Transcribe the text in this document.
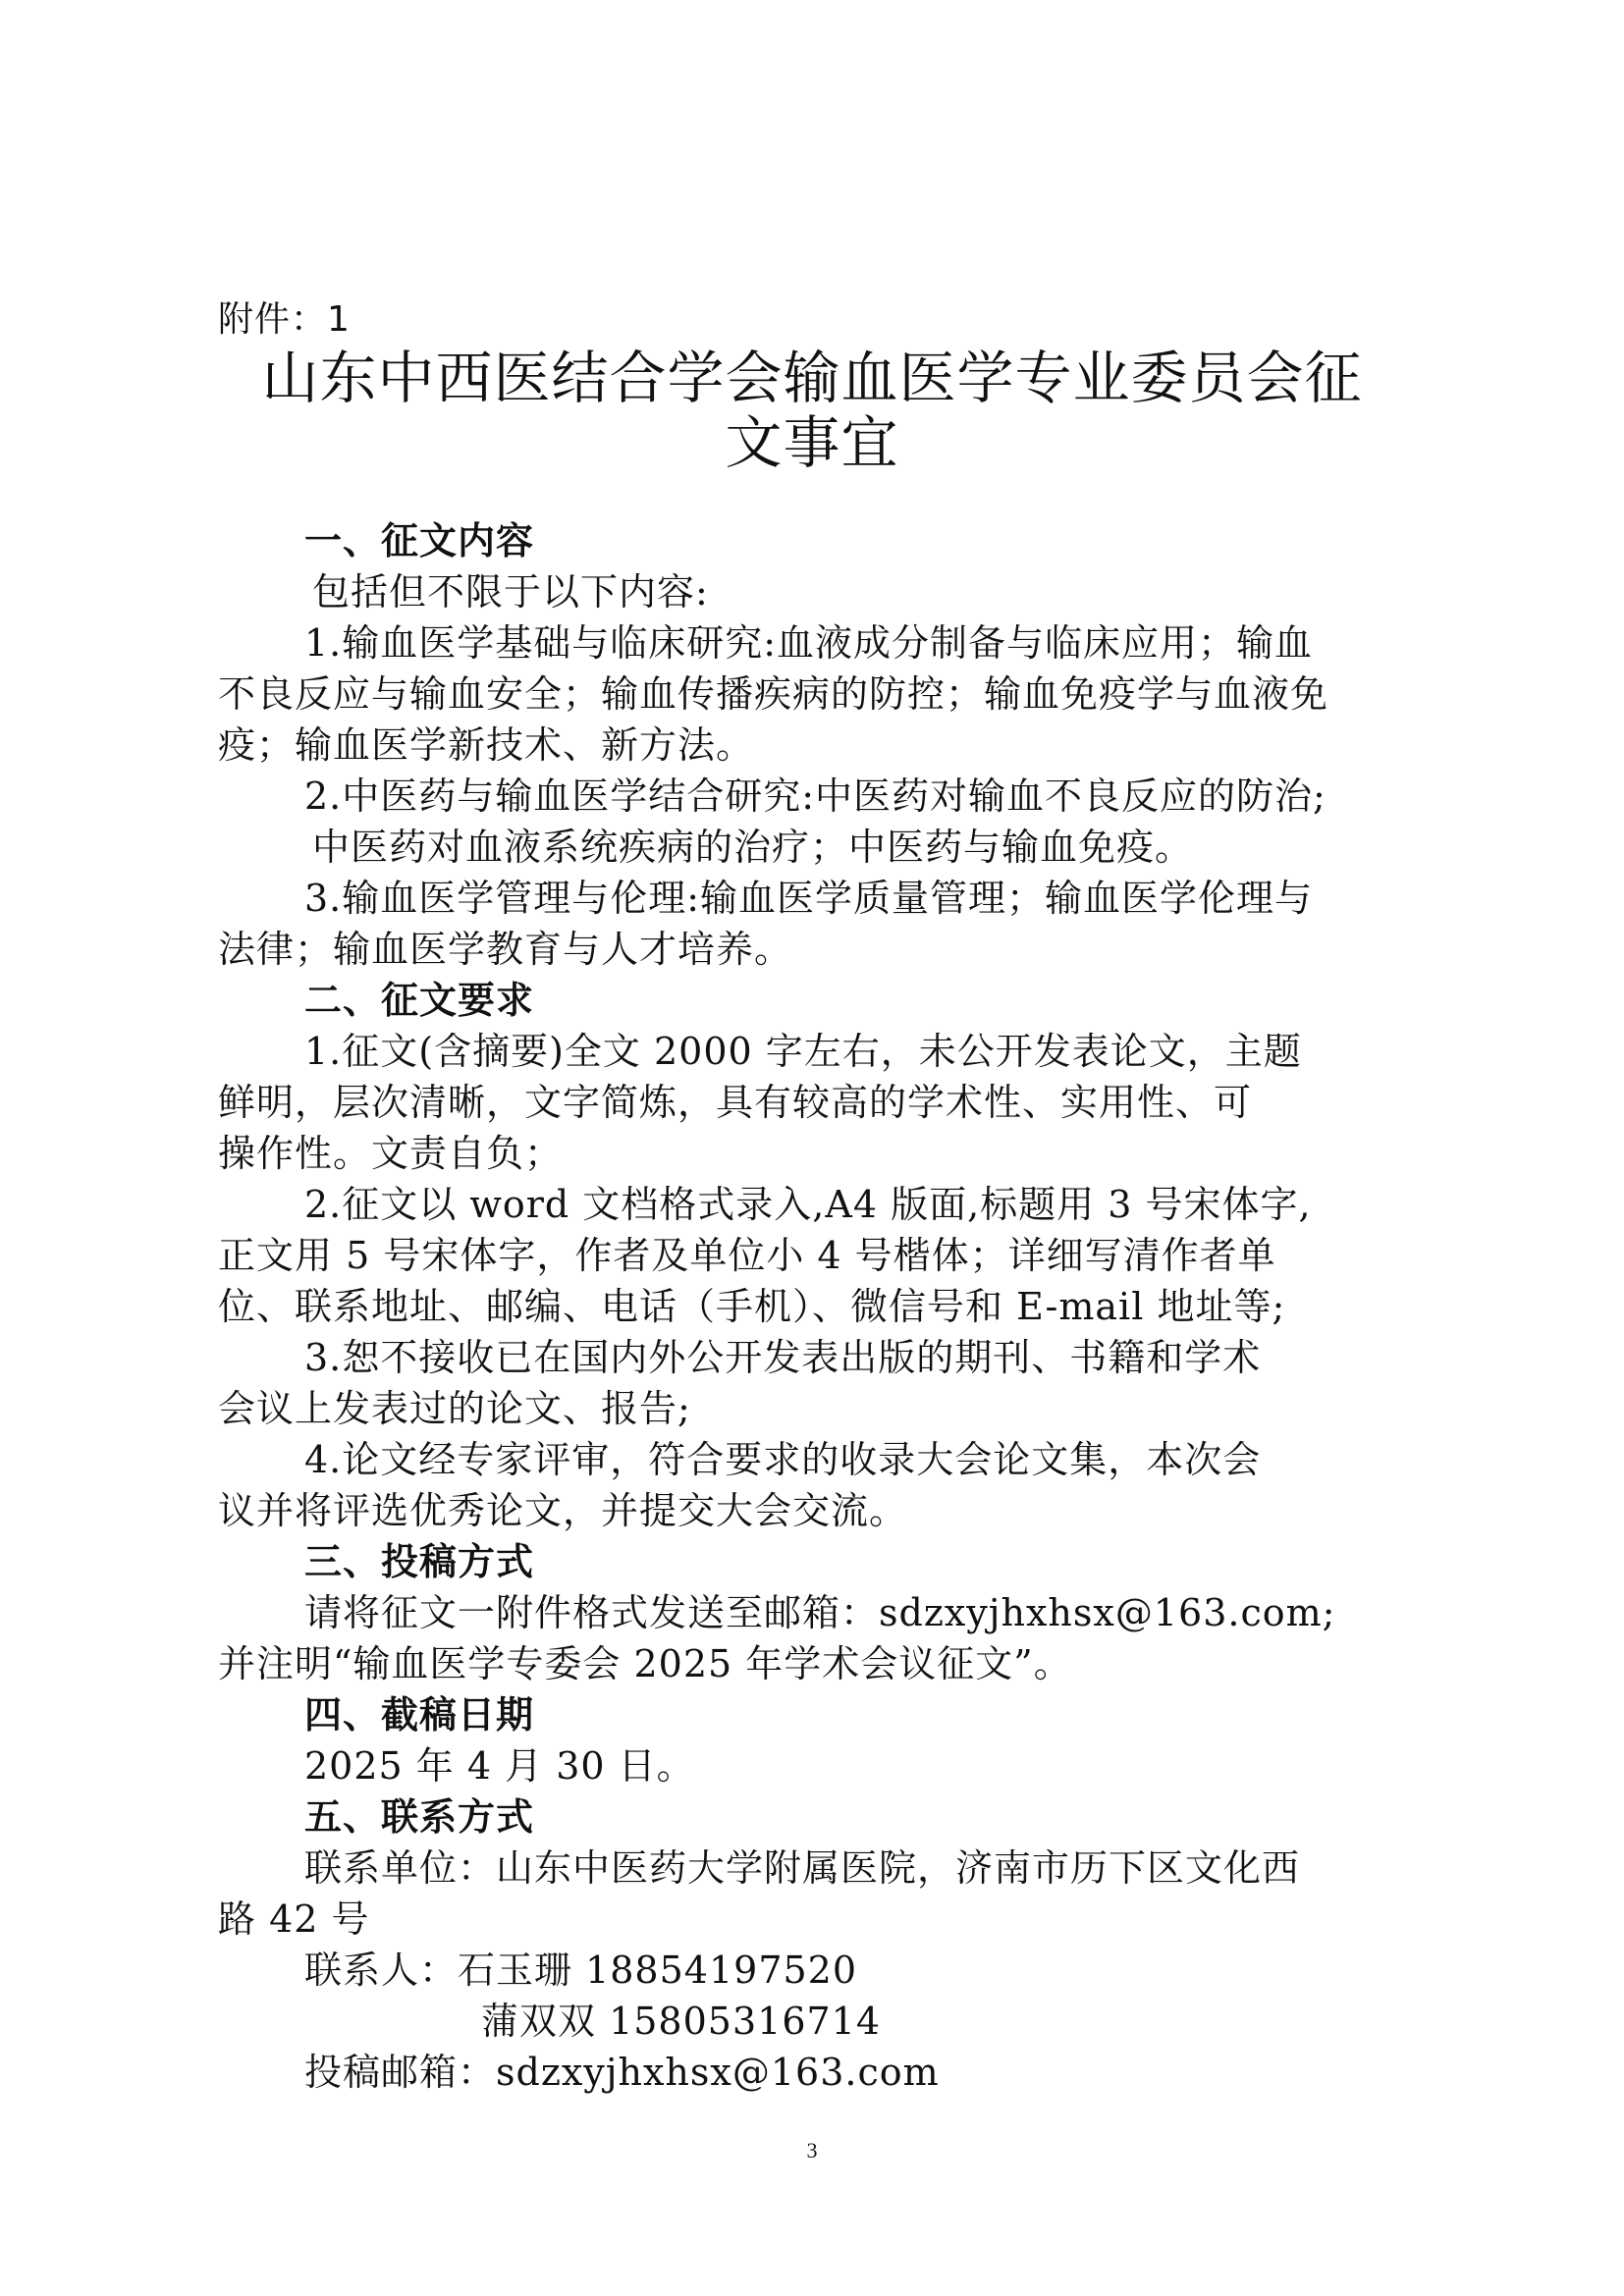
附件：1
山东中西医结合学会输血医学专业委员会征
文事宜
一、征文内容
包括但不限于以下内容:
1.输血医学基础与临床研究:血液成分制备与临床应用；输血
不良反应与输血安全；输血传播疾病的防控；输血免疫学与血液免
疫；输血医学新技术、新方法。
2.中医药与输血医学结合研究:中医药对输血不良反应的防治;
中医药对血液系统疾病的治疗；中医药与输血免疫。
3.输血医学管理与伦理:输血医学质量管理；输血医学伦理与
法律；输血医学教育与人才培养。
二、征文要求
1.征文(含摘要)全文 2000 字左右，未公开发表论文，主题
鲜明，层次清晰，文字简炼，具有较高的学术性、实用性、可
操作性。文责自负；
2.征文以 word 文档格式录入,A4 版面,标题用 3 号宋体字,
正文用 5 号宋体字，作者及单位小 4 号楷体；详细写清作者单
位、联系地址、邮编、电话（手机）、微信号和 E-mail 地址等;
3.恕不接收已在国内外公开发表出版的期刊、书籍和学术
会议上发表过的论文、报告;
4.论文经专家评审，符合要求的收录大会论文集，本次会
议并将评选优秀论文，并提交大会交流。
三、投稿方式
请将征文一附件格式发送至邮箱：sdzxyjhxhsx@163.com;
并注明“输血医学专委会 2025 年学术会议征文”。
四、截稿日期
2025 年 4 月 30 日。
五、联系方式
联系单位：山东中医药大学附属医院，济南市历下区文化西
路 42 号
联系人：石玉珊 18854197520
蒲双双 15805316714
投稿邮箱：sdzxyjhxhsx@163.com
3
